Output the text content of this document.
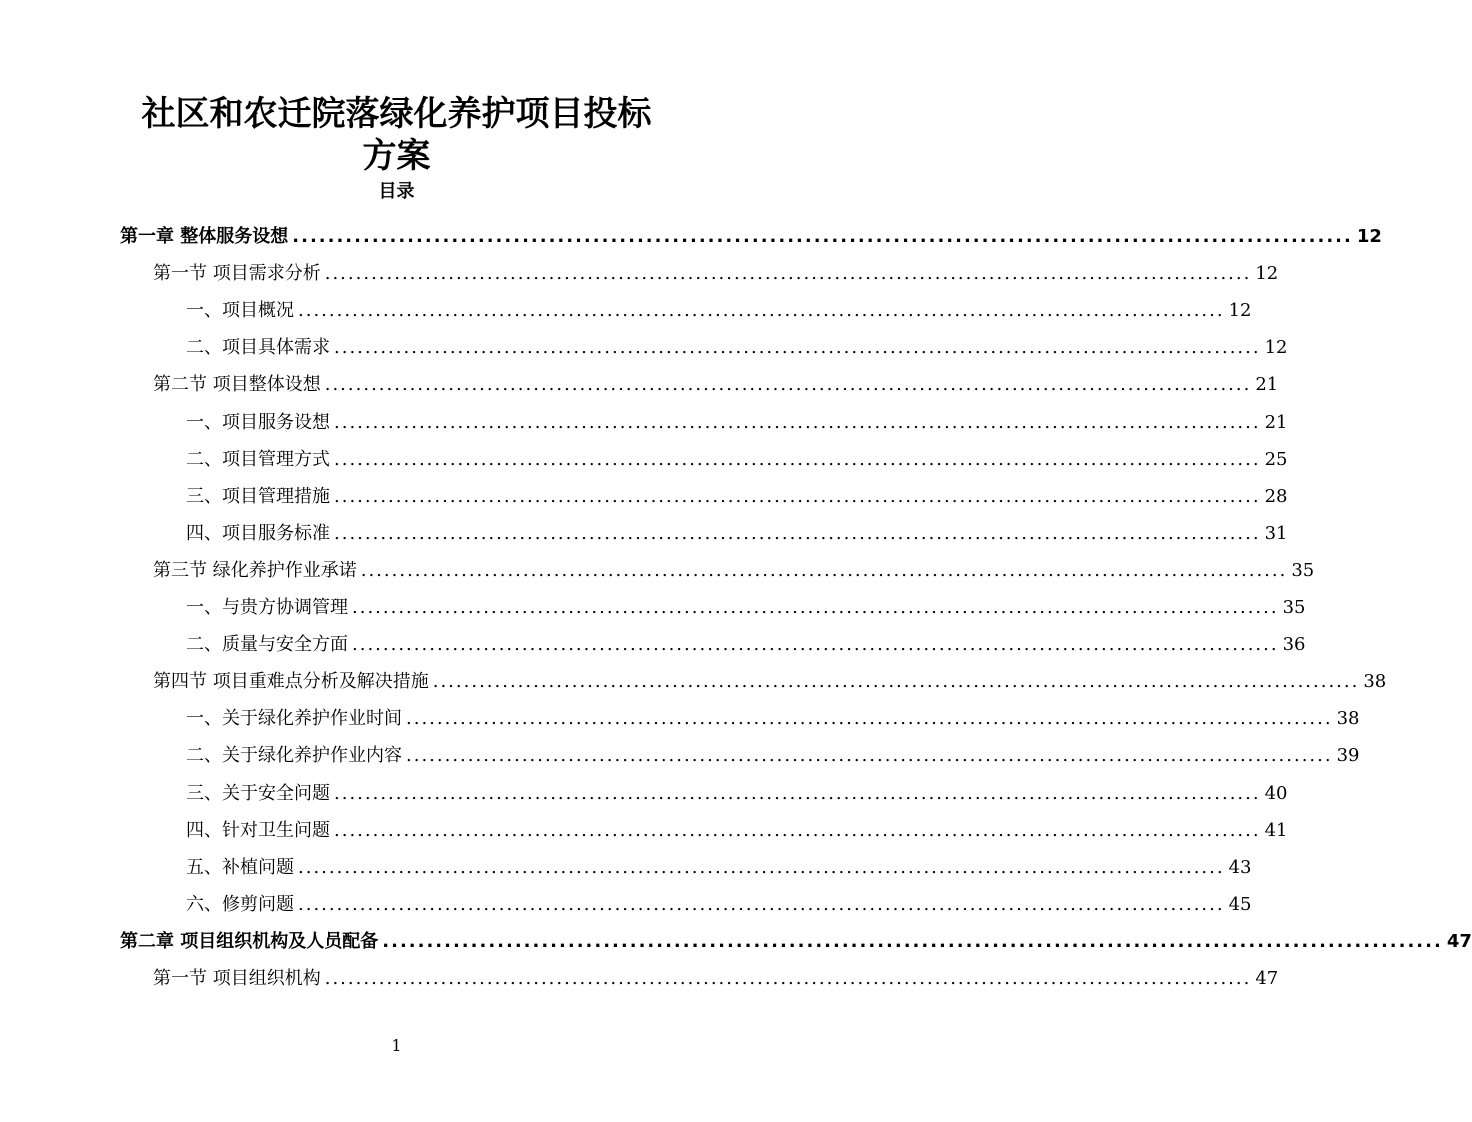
社区和农迁院落绿化养护项目投标
方案
目录
第一章 整体服务设想 ........................................................................................................................ 12
第一节 项目需求分析 ........................................................................................................................ 12
一、项目概况 ........................................................................................................................ 12
二、项目具体需求 ........................................................................................................................ 12
第二节 项目整体设想 ........................................................................................................................ 21
一、项目服务设想 ........................................................................................................................ 21
二、项目管理方式 ........................................................................................................................ 25
三、项目管理措施 ........................................................................................................................ 28
四、项目服务标准 ........................................................................................................................ 31
第三节 绿化养护作业承诺 ........................................................................................................................ 35
一、与贵方协调管理 ........................................................................................................................ 35
二、质量与安全方面 ........................................................................................................................ 36
第四节 项目重难点分析及解决措施 ........................................................................................................................ 38
一、关于绿化养护作业时间 ........................................................................................................................ 38
二、关于绿化养护作业内容 ........................................................................................................................ 39
三、关于安全问题 ........................................................................................................................ 40
四、针对卫生问题 ........................................................................................................................ 41
五、补植问题 ........................................................................................................................ 43
六、修剪问题 ........................................................................................................................ 45
第二章 项目组织机构及人员配备 ........................................................................................................................ 47
第一节 项目组织机构 ........................................................................................................................ 47
1
